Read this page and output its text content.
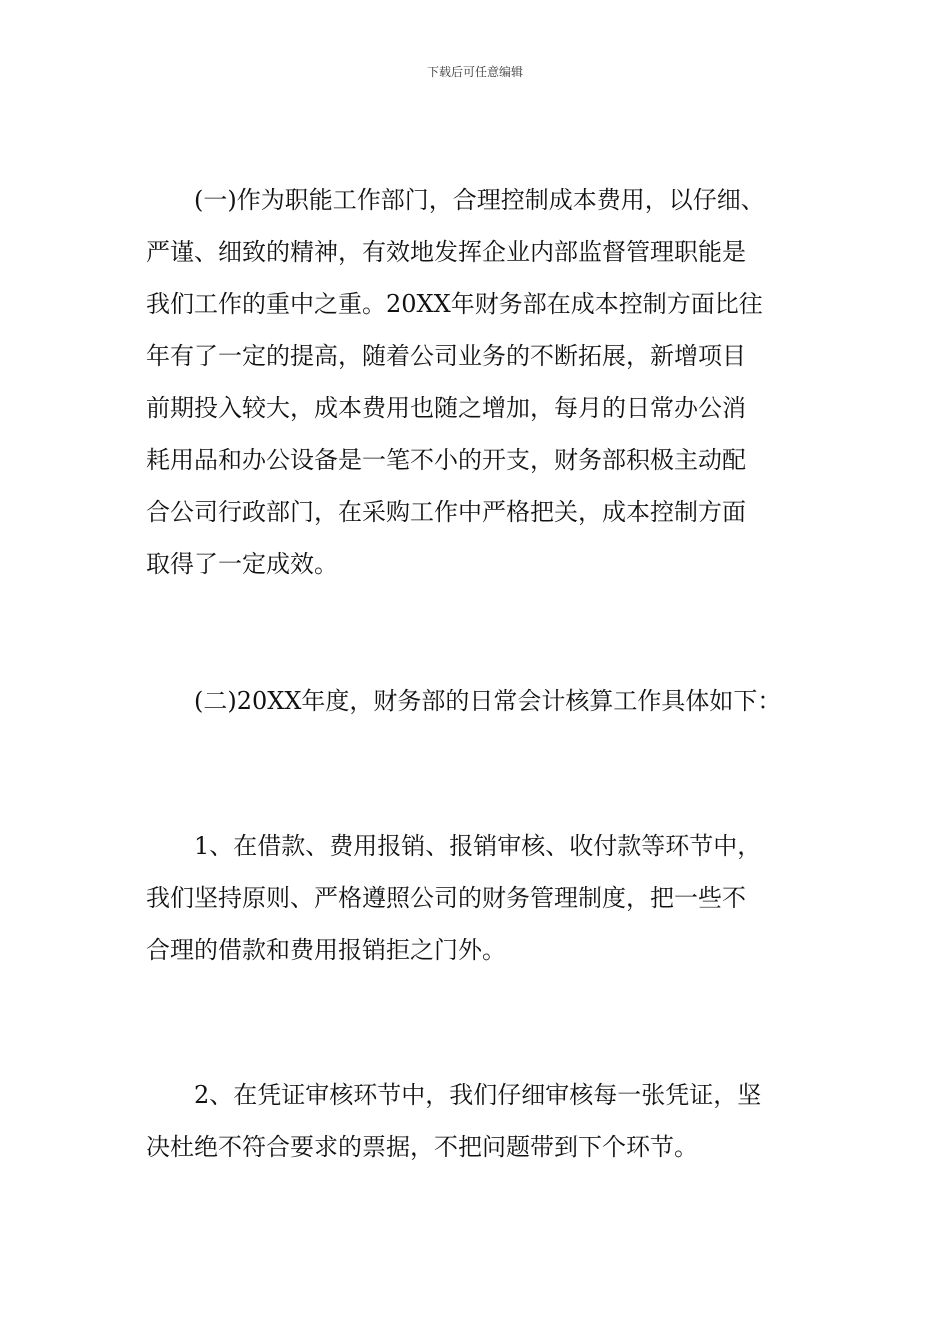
下载后可任意编辑

　　(一)作为职能工作部门，合理控制成本费用，以仔细、
严谨、细致的精神，有效地发挥企业内部监督管理职能是
我们工作的重中之重。20XX年财务部在成本控制方面比往
年有了一定的提高，随着公司业务的不断拓展，新增项目
前期投入较大，成本费用也随之增加，每月的日常办公消
耗用品和办公设备是一笔不小的开支，财务部积极主动配
合公司行政部门，在采购工作中严格把关，成本控制方面
取得了一定成效。

　　(二)20XX年度，财务部的日常会计核算工作具体如下：

　　1、在借款、费用报销、报销审核、收付款等环节中，
我们坚持原则、严格遵照公司的财务管理制度，把一些不
合理的借款和费用报销拒之门外。

　　2、在凭证审核环节中，我们仔细审核每一张凭证，坚
决杜绝不符合要求的票据，不把问题带到下个环节。
